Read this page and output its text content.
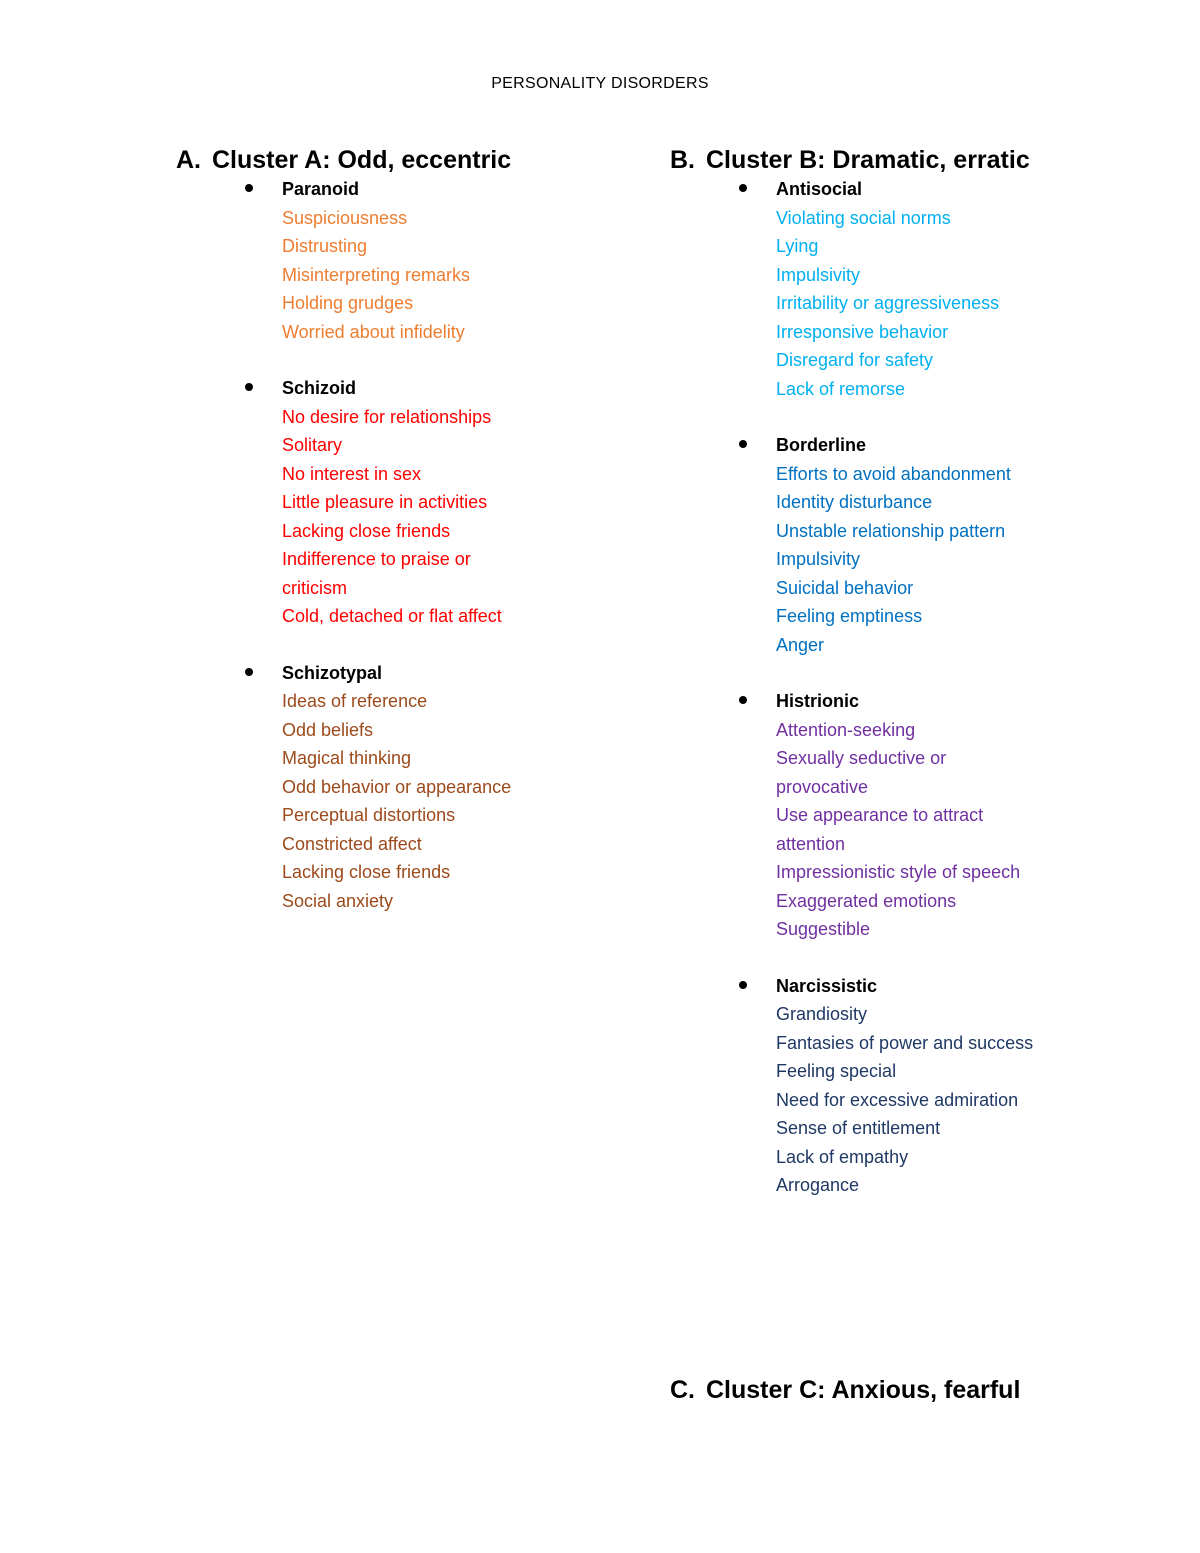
PERSONALITY DISORDERS
A. Cluster A: Odd, eccentric
Paranoid
Suspiciousness
Distrusting
Misinterpreting remarks
Holding grudges
Worried about infidelity
Schizoid
No desire for relationships
Solitary
No interest in sex
Little pleasure in activities
Lacking close friends
Indifference to praise or
criticism
Cold, detached or flat affect
Schizotypal
Ideas of reference
Odd beliefs
Magical thinking
Odd behavior or appearance
Perceptual distortions
Constricted affect
Lacking close friends
Social anxiety
B. Cluster B: Dramatic, erratic
Antisocial
Violating social norms
Lying
Impulsivity
Irritability or aggressiveness
Irresponsive behavior
Disregard for safety
Lack of remorse
Borderline
Efforts to avoid abandonment
Identity disturbance
Unstable relationship pattern
Impulsivity
Suicidal behavior
Feeling emptiness
Anger
Histrionic
Attention-seeking
Sexually seductive or
provocative
Use appearance to attract
attention
Impressionistic style of speech
Exaggerated emotions
Suggestible
Narcissistic
Grandiosity
Fantasies of power and success
Feeling special
Need for excessive admiration
Sense of entitlement
Lack of empathy
Arrogance
C. Cluster C: Anxious, fearful
